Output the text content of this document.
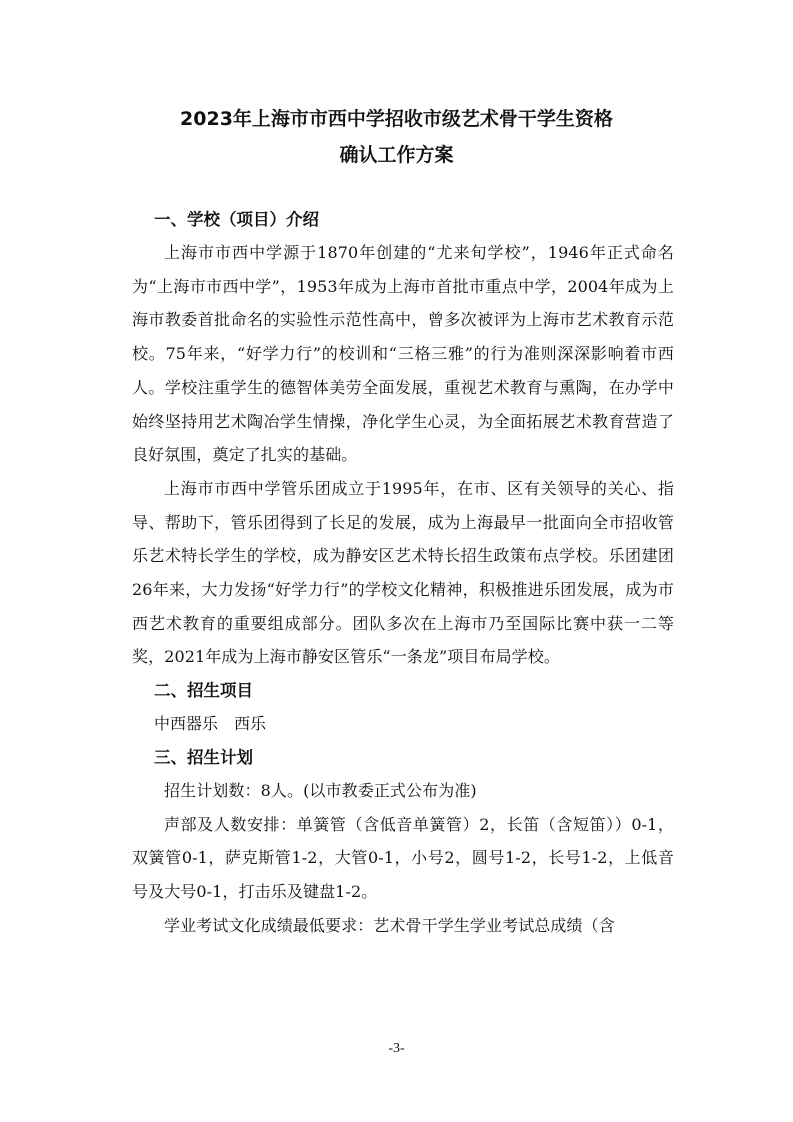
2023年上海市市西中学招收市级艺术骨干学生资格
确认工作方案
一、学校（项目）介绍

上海市市西中学源于1870年创建的“尤来旬学校”，1946年正式命名为“上海市市西中学”，1953年成为上海市首批市重点中学，2004年成为上海市教委首批命名的实验性示范性高中，曾多次被评为上海市艺术教育示范校。75年来，“好学力行”的校训和“三格三雅”的行为准则深深影响着市西人。学校注重学生的德智体美劳全面发展，重视艺术教育与熏陶，在办学中始终坚持用艺术陶冶学生情操，净化学生心灵，为全面拓展艺术教育营造了良好氛围，奠定了扎实的基础。

上海市市西中学管乐团成立于1995年，在市、区有关领导的关心、指导、帮助下，管乐团得到了长足的发展，成为上海最早一批面向全市招收管乐艺术特长学生的学校，成为静安区艺术特长招生政策布点学校。乐团建团26年来，大力发扬“好学力行”的学校文化精神，积极推进乐团发展，成为市西艺术教育的重要组成部分。团队多次在上海市乃至国际比赛中获一二等奖，2021年成为上海市静安区管乐“一条龙”项目布局学校。

二、招生项目
中西器乐　西乐
三、招生计划

招生计划数：8人。(以市教委正式公布为准)

声部及人数安排：单簧管（含低音单簧管）2，长笛（含短笛））0-1，双簧管0-1，萨克斯管1-2，大管0-1，小号2，圆号1-2，长号1-2，上低音号及大号0-1，打击乐及键盘1-2。

学业考试文化成绩最低要求：艺术骨干学生学业考试总成绩（含

-3-
